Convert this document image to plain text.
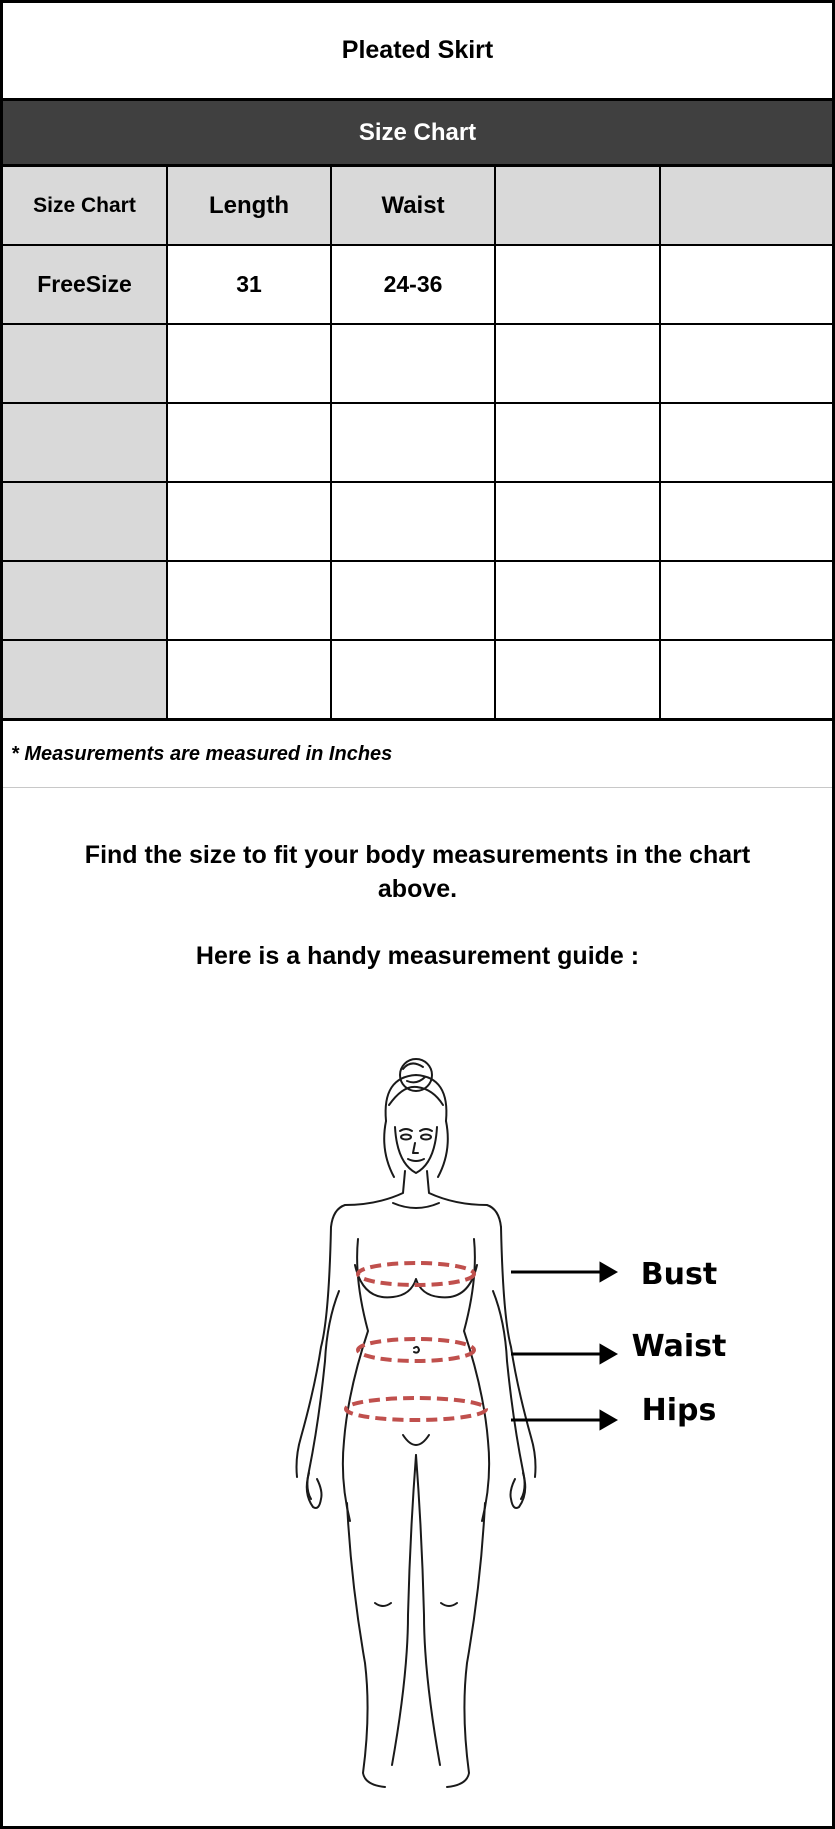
Pleated Skirt
Size Chart
Size Chart	Length	Waist		
FreeSize	31	24-36		

* Measurements are measured in Inches
Find the size to fit your body measurements in the chart above.
Here is a handy measurement guide :
Bust
Waist
Hips
